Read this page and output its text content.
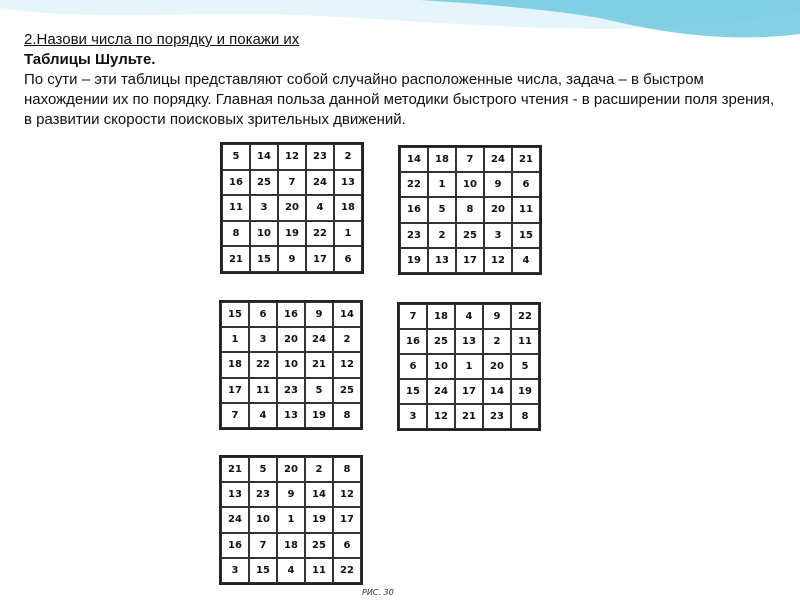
2.Назови числа по порядку и покажи их
Таблицы Шульте.
По сути – эти таблицы представляют собой случайно расположенные числа, задача – в быстром нахождении их по порядку. Главная польза данной методики быстрого чтения - в расширении поля зрения, в развитии скорости поисковых зрительных движений.
5	14	12	23	2
16	25	7	24	13
11	3	20	4	18
8	10	19	22	1
21	15	9	17	6
14	18	7	24	21
22	1	10	9	6
16	5	8	20	11
23	2	25	3	15
19	13	17	12	4
15	6	16	9	14
1	3	20	24	2
18	22	10	21	12
17	11	23	5	25
7	4	13	19	8
7	18	4	9	22
16	25	13	2	11
6	10	1	20	5
15	24	17	14	19
3	12	21	23	8
21	5	20	2	8
13	23	9	14	12
24	10	1	19	17
16	7	18	25	6
3	15	4	11	22
РИС. 30
